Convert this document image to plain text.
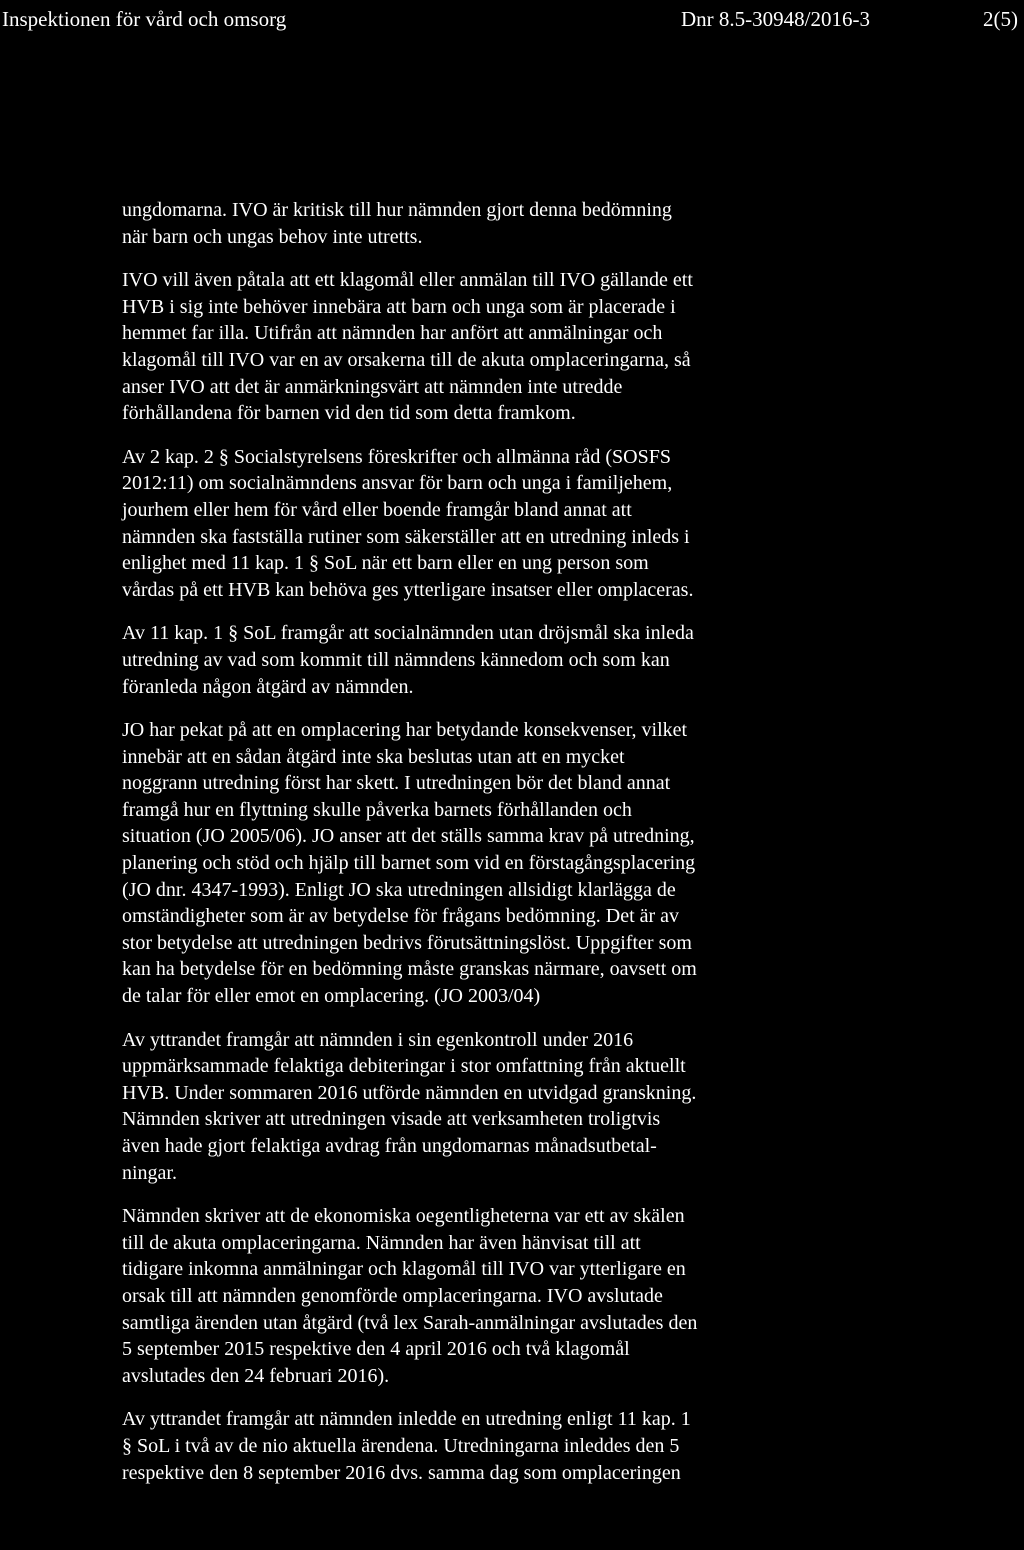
Inspektionen för vård och omsorg	Dnr 8.5-30948/2016-3	2(5)

ungdomarna. IVO är kritisk till hur nämnden gjort denna bedömning
när barn och ungas behov inte utretts.

IVO vill även påtala att ett klagomål eller anmälan till IVO gällande ett
HVB i sig inte behöver innebära att barn och unga som är placerade i
hemmet far illa. Utifrån att nämnden har anfört att anmälningar och
klagomål till IVO var en av orsakerna till de akuta omplaceringarna, så
anser IVO att det är anmärkningsvärt att nämnden inte utredde
förhållandena för barnen vid den tid som detta framkom.

Av 2 kap. 2 § Socialstyrelsens föreskrifter och allmänna råd (SOSFS
2012:11) om socialnämndens ansvar för barn och unga i familjehem,
jourhem eller hem för vård eller boende framgår bland annat att
nämnden ska fastställa rutiner som säkerställer att en utredning inleds i
enlighet med 11 kap. 1 § SoL när ett barn eller en ung person som
vårdas på ett HVB kan behöva ges ytterligare insatser eller omplaceras.

Av 11 kap. 1 § SoL framgår att socialnämnden utan dröjsmål ska inleda
utredning av vad som kommit till nämndens kännedom och som kan
föranleda någon åtgärd av nämnden.

JO har pekat på att en omplacering har betydande konsekvenser, vilket
innebär att en sådan åtgärd inte ska beslutas utan att en mycket
noggrann utredning först har skett. I utredningen bör det bland annat
framgå hur en flyttning skulle påverka barnets förhållanden och
situation (JO 2005/06). JO anser att det ställs samma krav på utredning,
planering och stöd och hjälp till barnet som vid en förstagångsplacering
(JO dnr. 4347-1993). Enligt JO ska utredningen allsidigt klarlägga de
omständigheter som är av betydelse för frågans bedömning. Det är av
stor betydelse att utredningen bedrivs förutsättningslöst. Uppgifter som
kan ha betydelse för en bedömning måste granskas närmare, oavsett om
de talar för eller emot en omplacering. (JO 2003/04)

Av yttrandet framgår att nämnden i sin egenkontroll under 2016
uppmärksammade felaktiga debiteringar i stor omfattning från aktuellt
HVB. Under sommaren 2016 utförde nämnden en utvidgad granskning.
Nämnden skriver att utredningen visade att verksamheten troligtvis
även hade gjort felaktiga avdrag från ungdomarnas månadsutbetal-
ningar.

Nämnden skriver att de ekonomiska oegentligheterna var ett av skälen
till de akuta omplaceringarna. Nämnden har även hänvisat till att
tidigare inkomna anmälningar och klagomål till IVO var ytterligare en
orsak till att nämnden genomförde omplaceringarna. IVO avslutade
samtliga ärenden utan åtgärd (två lex Sarah-anmälningar avslutades den
5 september 2015 respektive den 4 april 2016 och två klagomål
avslutades den 24 februari 2016).

Av yttrandet framgår att nämnden inledde en utredning enligt 11 kap. 1
§ SoL i två av de nio aktuella ärendena. Utredningarna inleddes den 5
respektive den 8 september 2016 dvs. samma dag som omplaceringen
